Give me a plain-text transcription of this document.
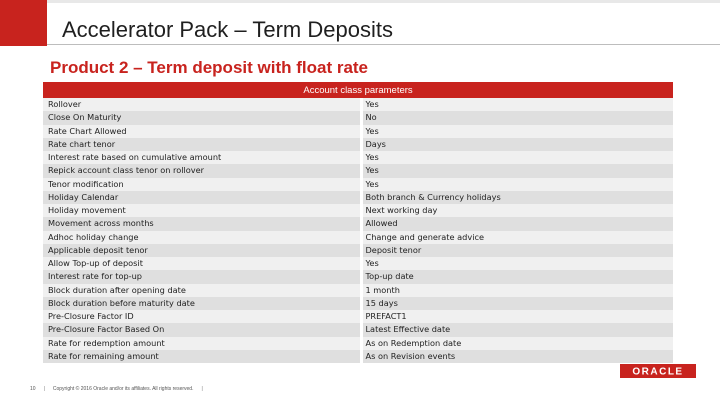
Accelerator Pack – Term Deposits
Product 2 – Term deposit with float rate
Account class parameters	
Rollover	Yes
Close On Maturity	No
Rate Chart Allowed	Yes
Rate chart tenor	Days
Interest rate based on cumulative amount	Yes
Repick account class tenor on rollover	Yes
Tenor modification	Yes
Holiday Calendar	Both branch & Currency holidays
Holiday movement	Next working day
Movement across months	Allowed
Adhoc holiday change	Change and generate advice
Applicable deposit tenor	Deposit tenor
Allow Top-up of deposit	Yes
Interest rate for top-up	Top-up date
Block duration after opening date	1 month
Block duration before maturity date	15 days
Pre-Closure Factor ID	PREFACT1
Pre-Closure Factor Based On	Latest Effective date
Rate for redemption amount	As on Redemption date
Rate for remaining amount	As on Revision events
10 | Copyright © 2016 Oracle and/or its affiliates. All rights reserved. |
ORACLE
